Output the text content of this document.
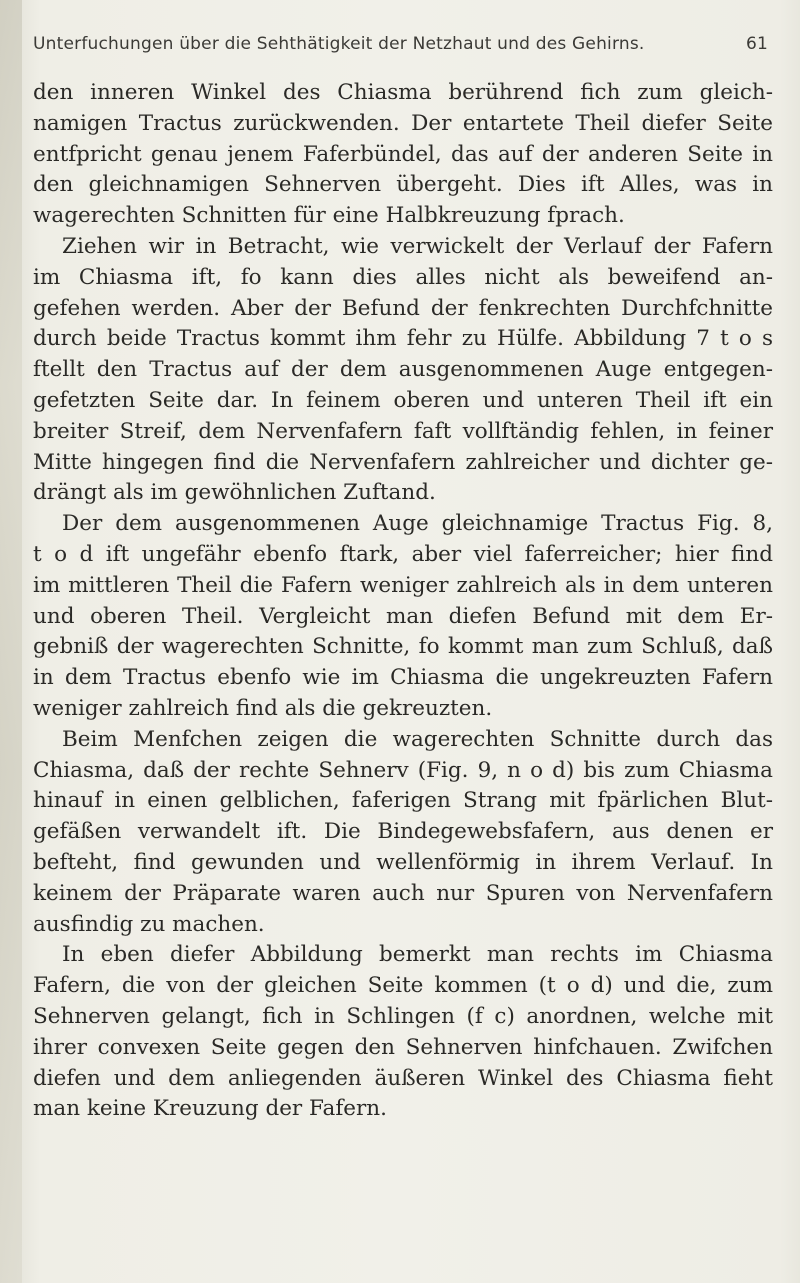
Unterfuchungen über die Sehthätigkeit der Netzhaut und des Gehirns.	61
den inneren Winkel des Chiasma berührend fich zum gleich-
namigen Tractus zurückwenden. Der entartete Theil diefer Seite
entfpricht genau jenem Faferbündel, das auf der anderen Seite in
den gleichnamigen Sehnerven übergeht. Dies ift Alles, was in
wagerechten Schnitten für eine Halbkreuzung fprach.
Ziehen wir in Betracht, wie verwickelt der Verlauf der Fafern
im Chiasma ift, fo kann dies alles nicht als beweifend an-
gefehen werden. Aber der Befund der fenkrechten Durchfchnitte
durch beide Tractus kommt ihm fehr zu Hülfe. Abbildung 7 t o s
ftellt den Tractus auf der dem ausgenommenen Auge entgegen-
gefetzten Seite dar. In feinem oberen und unteren Theil ift ein
breiter Streif, dem Nervenfafern faft vollftändig fehlen, in feiner
Mitte hingegen find die Nervenfafern zahlreicher und dichter ge-
drängt als im gewöhnlichen Zuftand.
Der dem ausgenommenen Auge gleichnamige Tractus Fig. 8,
t o d ift ungefähr ebenfo ftark, aber viel faferreicher; hier find
im mittleren Theil die Fafern weniger zahlreich als in dem unteren
und oberen Theil. Vergleicht man diefen Befund mit dem Er-
gebniß der wagerechten Schnitte, fo kommt man zum Schluß, daß
in dem Tractus ebenfo wie im Chiasma die ungekreuzten Fafern
weniger zahlreich find als die gekreuzten.
Beim Menfchen zeigen die wagerechten Schnitte durch das
Chiasma, daß der rechte Sehnerv (Fig. 9, n o d) bis zum Chiasma
hinauf in einen gelblichen, faferigen Strang mit fpärlichen Blut-
gefäßen verwandelt ift. Die Bindegewebsfafern, aus denen er
befteht, find gewunden und wellenförmig in ihrem Verlauf. In
keinem der Präparate waren auch nur Spuren von Nervenfafern
ausfindig zu machen.
In eben diefer Abbildung bemerkt man rechts im Chiasma
Fafern, die von der gleichen Seite kommen (t o d) und die, zum
Sehnerven gelangt, fich in Schlingen (f c) anordnen, welche mit
ihrer convexen Seite gegen den Sehnerven hinfchauen. Zwifchen
diefen und dem anliegenden äußeren Winkel des Chiasma fieht
man keine Kreuzung der Fafern.
